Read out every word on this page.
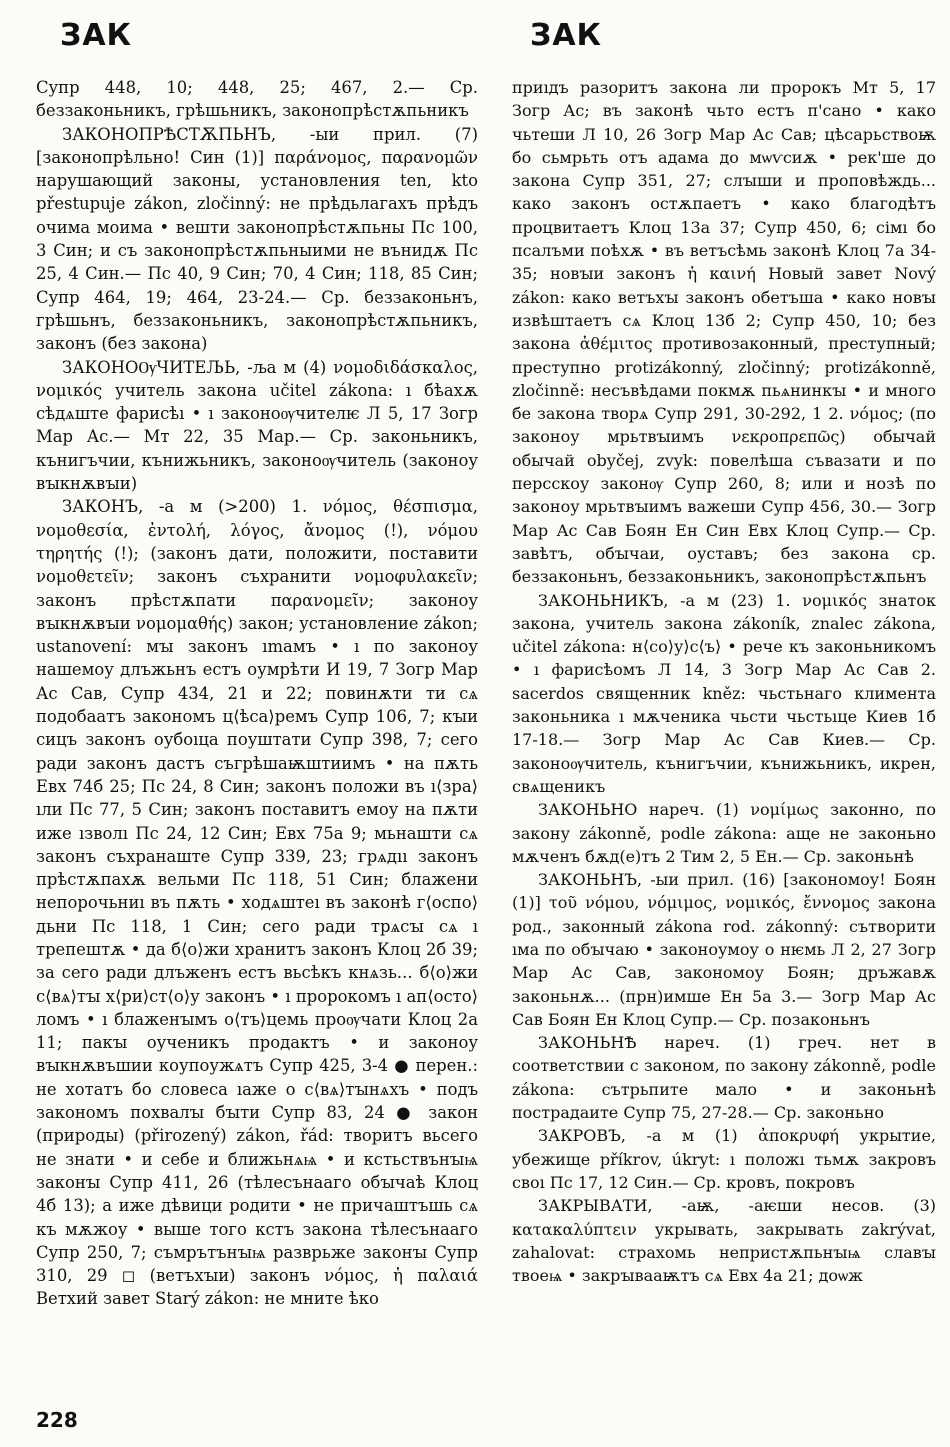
ЗАК	ЗАК

Супр 448, 10; 448, 25; 467, 2.— Ср. беззаконьникъ, грѣшьникъ, законопрѣстѫпьникъ

ЗАКОНОПРѢСТѪПЬНЪ, -ыи прил. (7) [законопрѣльно! Син (1)] παράνομος, παρανομῶν нарушающий законы, установления ten, kto přestupuje zákon, zločinný: не прѣдьлагахъ прѣдъ очима моима • вешти законопрѣстѫпьны Пс 100, 3 Син; и съ законопрѣстѫпьныими не вънидѫ Пс 25, 4 Син.— Пс 40, 9 Син; 70, 4 Син; 118, 85 Син; Супр 464, 19; 464, 23-24.— Ср. беззаконьнъ, грѣшьнъ, беззаконьникъ, законопрѣстѫпьникъ, законъ (без закона)

ЗАКОНОѸЧИТЕЉЬ, -ља м (4) νομοδιδάσκαλος, νομικός учитель закона učitel zákona: ı бѣахѫ сѣдѧште фарисѣı • ı законоѹчителѥ Л 5, 17 Зогр Мар Ас.— Мт 22, 35 Мар.— Ср. законьникъ, кънигъчии, кънижьникъ, законоѹчитель (законоу вꙑкнѫвꙑи)

ЗАКОНЪ, -а м (>200) 1. νόμος, θέσπισμα, νομοθεσία, ἐντολή, λόγος, ἄνομος (!), νόμου τηρητής (!); (законъ дати, положити, поставити νομοθετεῖν; законъ съхранити νομοφυλακεῖν; законъ прѣстѫпати παρανομεῖν; законоу вꙑкнѫвꙑи νομομαθής) закон; установление zákon; ustanovení: мꙑ законъ ımамъ • ı по законоу нашемоу длъжьнъ естъ оумрѣти И 19, 7 Зогр Мар Ас Сав, Супр 434, 21 и 22; повинѫти ти сѧ подобаатъ закономъ ц⟨ѣса⟩ремъ Супр 106, 7; кꙑи сицъ законъ оубоıца поуштати Супр 398, 7; сего ради законъ дастъ съгрѣшаѭштиимъ • на пѫть Евх 74б 25; Пс 24, 8 Син; законъ положи въ ı⟨зра⟩ıли Пс 77, 5 Син; законъ поставитъ емоу на пѫти иже ıзволı Пс 24, 12 Син; Евх 75а 9; мьнашти сѧ законъ съхранаште Супр 339, 23; грѧдıı законъ прѣстѫпахѫ вельми Пс 118, 51 Син; блажени непорочьниı въ пѫть • ходѧштеı въ законѣ г⟨оспо⟩дьни Пс 118, 1 Син; сего ради трѧсꙑ сѧ ı трепештѫ • да б⟨о⟩жи хранитъ законъ Клоц 2б 39; за сего ради длъженъ естъ вьсѣкъ кнѧзь... б⟨о⟩жи с⟨вѧ⟩тꙑ х⟨ри⟩ст⟨о⟩у законъ • ı пророкомъ ı ап⟨осто⟩ломъ • ı блаженꙑмъ о⟨тъ⟩цемь проѹчати Клоц 2а 11; пакꙑ оученикъ продактъ • и законоу вꙑкнѫвъшии коупоужѧтъ Супр 425, 3-4 ● перен.: не хотатъ бо словеса ıаже о с⟨вѧ⟩тꙑнѧхъ • подъ закономъ похвалꙑ бꙑти Супр 83, 24 ● закон (природы) (přirozený) zákon, řád: творитъ вьсего не знати • и себе и ближьнѧѩ • и кстьствънꙑѩ законꙑ Супр 411, 26 (тѣлесънааго обꙑчаѣ Клоц 4б 13); а иже дѣвици родити • не причаштъшь сѧ къ мѫжоу • выше того кстъ закона тѣлесънааго Супр 250, 7; съмрътънꙑѩ разврьже законꙑ Супр 310, 29 ◻ (ветъхꙑи) законъ νόμος, ἡ παλαιά Ветхий завет Starý zákon: не мните ѣко

приıдъ разоритъ закона ли пророкъ Мт 5, 17 Зогр Ас; въ законѣ чьто естъ п'сано • како чьтеши Л 10, 26 Зогр Мар Ас Сав; цѣсарьствоѭ бо сьмрьть отъ адама до мѡѵсиѫ • рек'ше до закона Супр 351, 27; слꙑши и проповѣждь... како законъ остѫпаетъ • како благодѣтъ процвитаетъ Клоц 13а 37; Супр 450, 6; сімı бо псалъми поѣхѫ • въ ветъсѣмь законѣ Клоц 7а 34-35; новꙑи законъ ἡ καινή Новый завет Nový zákon: како ветъхꙑ законъ обетъша • како новꙑ извѣштаетъ сѧ Клоц 13б 2; Супр 450, 10; без закона ἀθέμιτος противозаконный, преступный; преступно protizákonný, zločinný; protizákonně, zločinně: несъвѣдами покмѫ пьѧнинкꙑ • и много бе закона творѧ Супр 291, 30-292, 1 2. νόμος; (по законоу мрьтвꙑимъ νεκροπρεπῶς) обычай обычай obyčej, zvyk: повелѣша съвазати и по персскоу законѹ Супр 260, 8; или и нозѣ по законоу мрьтвꙑимъ важеши Супр 456, 30.— Зогр Мар Ас Сав Боян Ен Син Евх Клоц Супр.— Ср. завѣтъ, обꙑчаи, оуставъ; без закона ср. беззаконьнъ, беззаконьникъ, законопрѣстѫпьнъ

ЗАКОНЬНИКЪ, -а м (23) 1. νομικός знаток закона, учитель закона zákoník, znalec zákona, učitel zákona: н⟨со⟩у⟩с⟨ъ⟩ • рече къ законьникомъ • ı фарисѣомъ Л 14, 3 Зогр Мар Ас Сав 2. sacerdos священник kněz: чьстьнаго климента законьника ı мѫченика чьсти чьстьıце Киев 1б 17-18.— Зогр Мар Ас Сав Киев.— Ср. законоѹчитель, кънигъчии, кънижьникъ, икрен, свѧщеникъ

ЗАКОНЬНО нареч. (1) νομίμως законно, по закону zákonně, podle zákona: аще не законьно мѫченъ бѫд(е)тъ 2 Тим 2, 5 Ен.— Ср. законьнѣ

ЗАКОНЬНЪ, -ыи прил. (16) [закономоу! Боян (1)] τοῦ νόμου, νόμιμος, νομικός, ἔννομος закона род., законный zákona rod. zákonný: сътворити ıма по обꙑчаю • законоумоу о нѥмь Л 2, 27 Зогр Мар Ас Сав, закономоу Боян; дръжавѫ законьнѫ... (прн)имше Ен 5а 3.— Зогр Мар Ас Сав Боян Ен Клоц Супр.— Ср. позаконьнъ

ЗАКОНЬНѢ нареч. (1) греч. нет в соответствии с законом, по закону zákonně, podle zákona: сътрьпите мало • и законьнѣ пострадаите Супр 75, 27-28.— Ср. законьно

ЗАКРОВЪ, -а м (1) ἀποκρυφή укрытие, убежище příkrov, úkryt: ı положı тьмѫ закровъ своı Пс 17, 12 Син.— Ср. кровъ, покровъ

ЗАКРЫВАТИ, -аѭ, -аѥши несов. (3) κατακαλύπτειν укрывать, закрывать zakrývat, zahalovat: страхомь непристѫпьнꙑѩ славꙑ твоеѩ • закрꙑвааѭтъ сѧ Евх 4а 21; доѡж

228
